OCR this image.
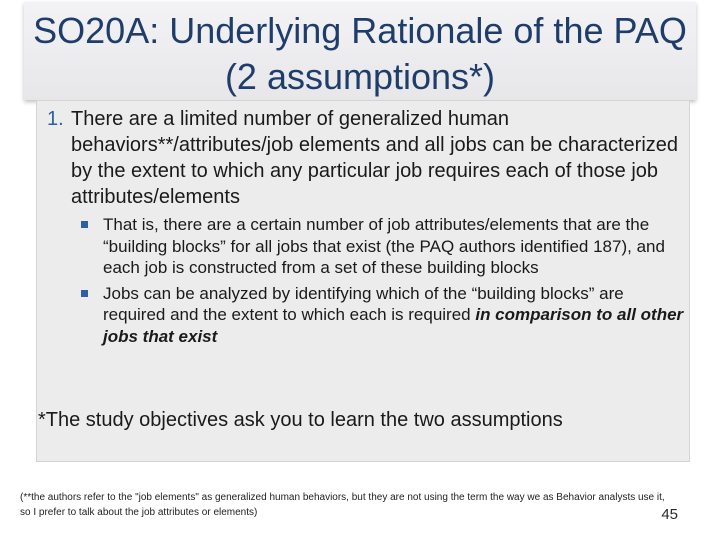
SO20A: Underlying Rationale of the PAQ (2 assumptions*)
1. There are a limited number of generalized human behaviors**/attributes/job elements and all jobs can be characterized by the extent to which any particular job requires each of those job attributes/elements
That is, there are a certain number of job attributes/elements that are the “building blocks” for all jobs that exist (the PAQ authors identified 187), and each job is constructed from a set of these building blocks
Jobs can be analyzed by identifying which of the “building blocks” are required and the extent to which each is required in comparison to all other jobs that exist
*The study objectives ask you to learn the two assumptions
(**the authors refer to the "job elements" as generalized human behaviors, but they are not using the term the way we as Behavior analysts use it, so I prefer to talk about the job attributes or elements)	45
